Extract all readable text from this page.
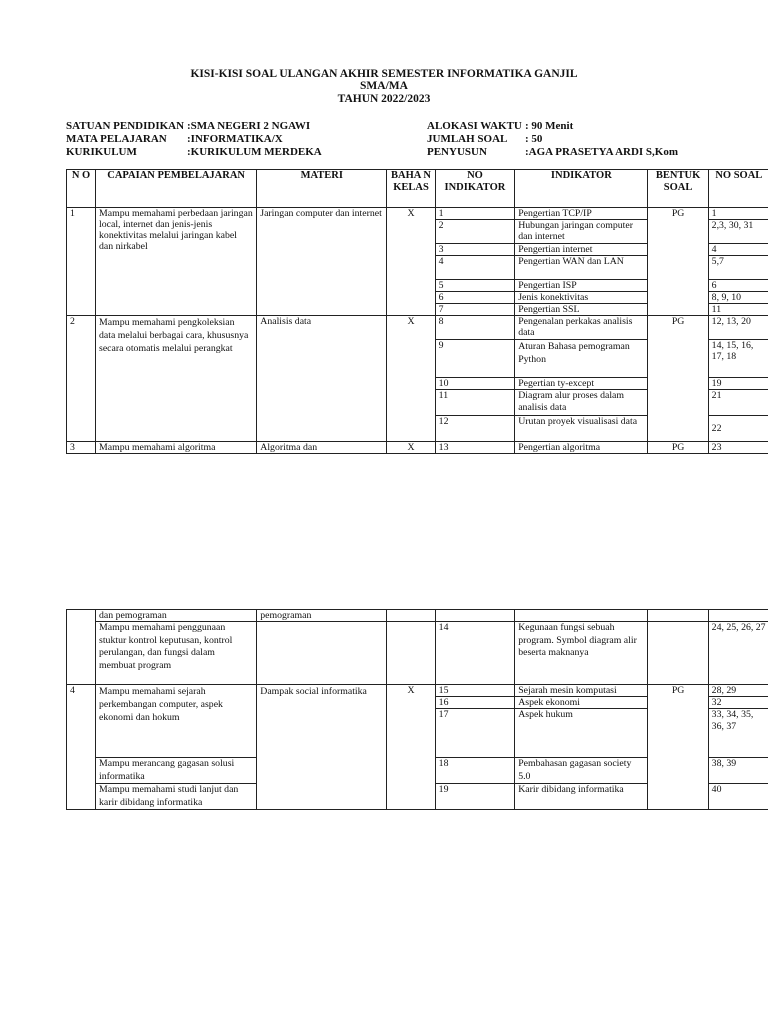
KISI-KISI SOAL ULANGAN AKHIR SEMESTER INFORMATIKA GANJIL
SMA/MA
TAHUN 2022/2023
SATUAN PENDIDIKAN :SMA NEGERI 2 NGAWI
MATA PELAJARAN :INFORMATIKA/X
KURIKULUM	:KURIKULUM MERDEKA
ALOKASI WAKTU : 90 Menit
JUMLAH SOAL : 50
PENYUSUN	:AGA PRASETYA ARDI S,Kom
N O	CAPAIAN PEMBELAJARAN	MATERI	BAHA N KELAS	NO INDIKATOR	INDIKATOR	BENTUK SOAL	NO SOAL
1	Mampu memahami perbedaan jaringan local, internet dan jenis-jenis konektivitas melalui jaringan kabel dan nirkabel	Jaringan computer dan internet	X	1	Pengertian TCP/IP	PG	1
				2	Hubungan jaringan computer dan internet		2,3, 30, 31
				3	Pengertian internet		4
				4	Pengertian WAN dan LAN		5,7
				5	Pengertian ISP		6
				6	Jenis konektivitas		8, 9, 10
				7	Pengertian SSL		11
2	Mampu memahami pengkoleksian data melalui berbagai cara, khususnya secara otomatis melalui perangkat	Analisis data	X	8	Pengenalan perkakas analisis data	PG	12, 13, 20
				9	Aturan Bahasa pemograman Python		14, 15, 16, 17, 18
				10	Pegertian ty-except		19
				11	Diagram alur proses dalam analisis data		21
				12	Urutan proyek visualisasi data		22
3	Mampu memahami algoritma	Algoritma dan	X	13	Pengertian algoritma	PG	23
	dan pemograman	pemograman					
	Mampu memahami penggunaan stuktur kontrol keputusan, kontrol perulangan, dan fungsi dalam membuat program			14	Kegunaan fungsi sebuah program. Symbol diagram alir beserta maknanya		24, 25, 26, 27
4	Mampu memahami sejarah perkembangan computer, aspek ekonomi dan hokum	Dampak social informatika	X	15	Sejarah mesin komputasi	PG	28, 29
				16	Aspek ekonomi		32
				17	Aspek hukum		33, 34, 35, 36, 37
	Mampu merancang gagasan solusi informatika			18	Pembahasan gagasan society 5.0		38, 39
	Mampu memahami studi lanjut dan karir dibidang informatika			19	Karir dibidang informatika		40
